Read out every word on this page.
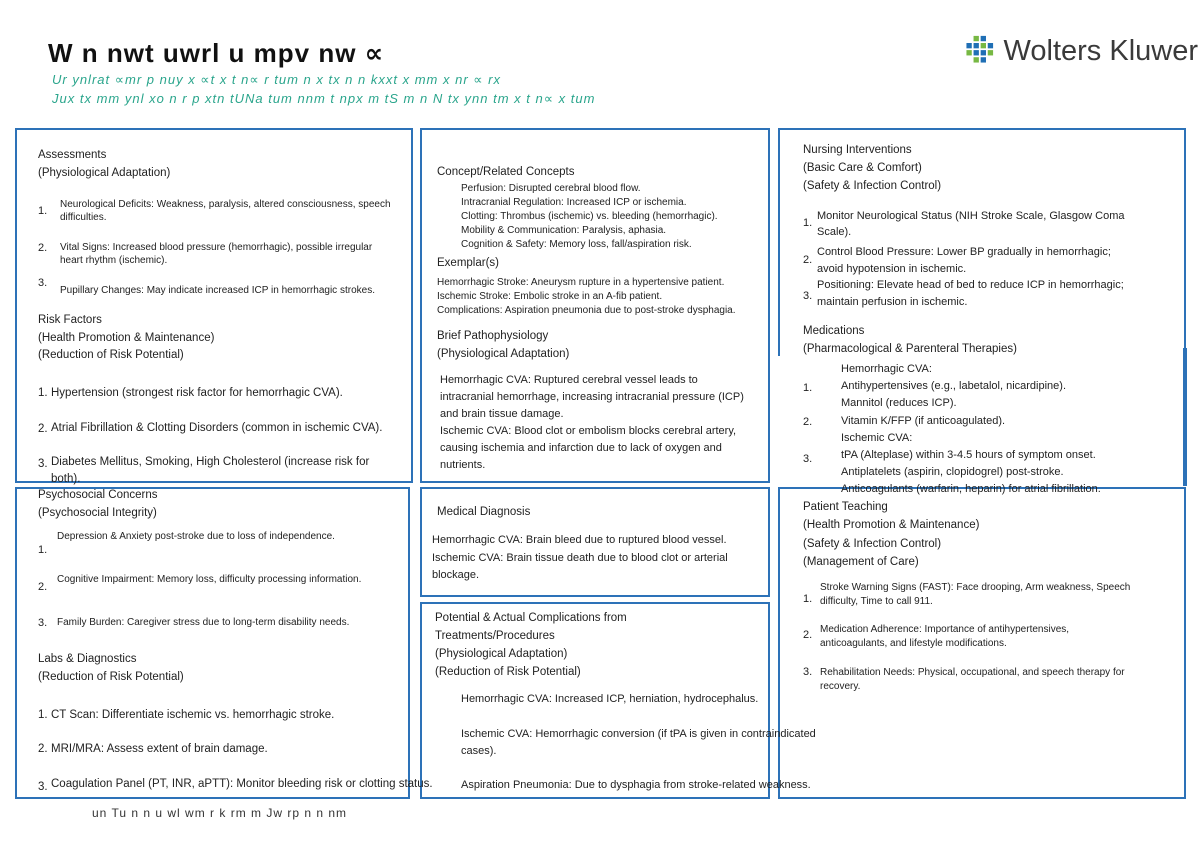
W n nwt uwrl u mpv nw ∝
Ur ynlrat ∝mr p nuy x ∝t x t n∝ r tum n x tx n n kxxt x mm x nr ∝ rx
Jux tx mm ynl xo n r p xtn tUNa tum nnm t npx m tS m n N tx ynn tm x t n∝ x tum
Wolters Kluwer
Assessments
(Physiological Adaptation)
1.
Neurological Deficits: Weakness, paralysis, altered consciousness, speech
difficulties.
2. Vital Signs: Increased blood pressure (hemorrhagic), possible irregular
heart rhythm (ischemic).
3.
Pupillary Changes: May indicate increased ICP in hemorrhagic strokes.
Risk Factors
(Health Promotion & Maintenance)
(Reduction of Risk Potential)
1. Hypertension (strongest risk factor for hemorrhagic CVA).
2. Atrial Fibrillation & Clotting Disorders (common in ischemic CVA).
3. Diabetes Mellitus, Smoking, High Cholesterol (increase risk for
both).
Concept/Related Concepts
Perfusion: Disrupted cerebral blood flow.
Intracranial Regulation: Increased ICP or ischemia.
Clotting: Thrombus (ischemic) vs. bleeding (hemorrhagic).
Mobility & Communication: Paralysis, aphasia.
Cognition & Safety: Memory loss, fall/aspiration risk.
Exemplar(s)
Hemorrhagic Stroke: Aneurysm rupture in a hypertensive patient.
Ischemic Stroke: Embolic stroke in an A-fib patient.
Complications: Aspiration pneumonia due to post-stroke dysphagia.
Brief Pathophysiology
(Physiological Adaptation)
Hemorrhagic CVA: Ruptured cerebral vessel leads to
intracranial hemorrhage, increasing intracranial pressure (ICP)
and brain tissue damage.
Ischemic CVA: Blood clot or embolism blocks cerebral artery,
causing ischemia and infarction due to lack of oxygen and
nutrients.
Nursing Interventions
(Basic Care & Comfort)
(Safety & Infection Control)
1.
Monitor Neurological Status (NIH Stroke Scale, Glasgow Coma
Scale).
2.
Control Blood Pressure: Lower BP gradually in hemorrhagic;
avoid hypotension in ischemic.
3.
Positioning: Elevate head of bed to reduce ICP in hemorrhagic;
maintain perfusion in ischemic.
Medications
(Pharmacological & Parenteral Therapies)
1.
2.
3.
Hemorrhagic CVA:
Antihypertensives (e.g., labetalol, nicardipine).
Mannitol (reduces ICP).
Vitamin K/FFP (if anticoagulated).
Ischemic CVA:
tPA (Alteplase) within 3-4.5 hours of symptom onset.
Antiplatelets (aspirin, clopidogrel) post-stroke.
Anticoagulants (warfarin, heparin) for atrial fibrillation.
Psychosocial Concerns
(Psychosocial Integrity)
1.
Depression & Anxiety post-stroke due to loss of independence.
2.
Cognitive Impairment: Memory loss, difficulty processing information.
3. Family Burden: Caregiver stress due to long-term disability needs.
Labs & Diagnostics
(Reduction of Risk Potential)
1. CT Scan: Differentiate ischemic vs. hemorrhagic stroke.
2. MRI/MRA: Assess extent of brain damage.
3. Coagulation Panel (PT, INR, aPTT): Monitor bleeding risk or clotting status.
Medical Diagnosis
Hemorrhagic CVA: Brain bleed due to ruptured blood vessel.
Ischemic CVA: Brain tissue death due to blood clot or arterial
blockage.
Potential & Actual Complications from
Treatments/Procedures
(Physiological Adaptation)
(Reduction of Risk Potential)
Hemorrhagic CVA: Increased ICP, herniation, hydrocephalus.
Ischemic CVA: Hemorrhagic conversion (if tPA is given in contraindicated
cases).
Aspiration Pneumonia: Due to dysphagia from stroke-related weakness.
Patient Teaching
(Health Promotion & Maintenance)
(Safety & Infection Control)
(Management of Care)
1.
Stroke Warning Signs (FAST): Face drooping, Arm weakness, Speech
difficulty, Time to call 911.
2. Medication Adherence: Importance of antihypertensives,
anticoagulants, and lifestyle modifications.
3. Rehabilitation Needs: Physical, occupational, and speech therapy for
recovery.
un Tu n n u wl wm r k rm m Jw rp n n nm
